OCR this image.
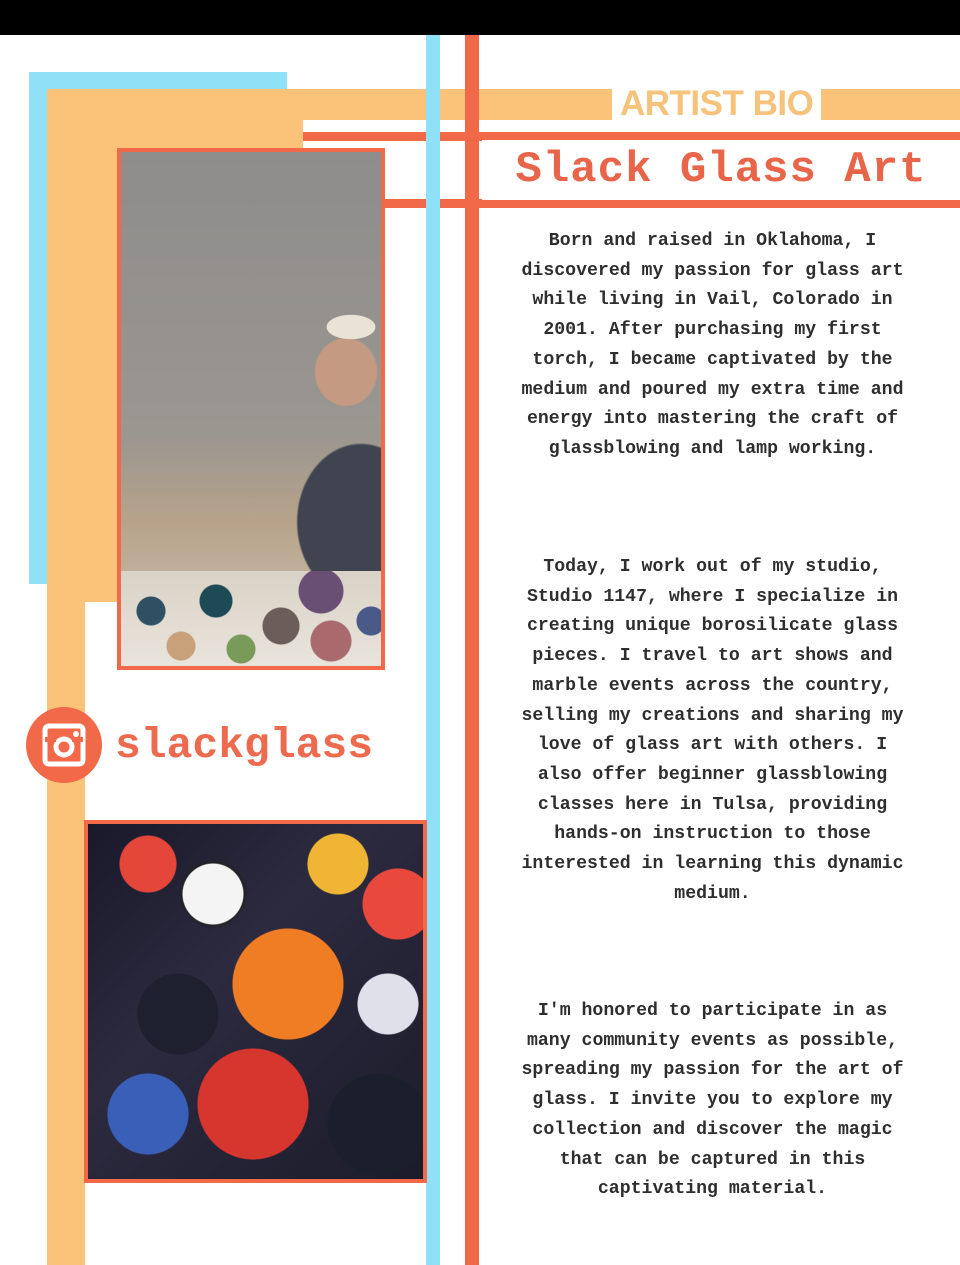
ARTIST BIO
Slack Glass Art
slackglass

Born and raised in Oklahoma, I discovered my passion for glass art while living in Vail, Colorado in 2001. After purchasing my first torch, I became captivated by the medium and poured my extra time and energy into mastering the craft of glassblowing and lamp working.

Today, I work out of my studio, Studio 1147, where I specialize in creating unique borosilicate glass pieces. I travel to art shows and marble events across the country, selling my creations and sharing my love of glass art with others. I also offer beginner glassblowing classes here in Tulsa, providing hands-on instruction to those interested in learning this dynamic medium.

I'm honored to participate in as many community events as possible, spreading my passion for the art of glass. I invite you to explore my collection and discover the magic that can be captured in this captivating material.
